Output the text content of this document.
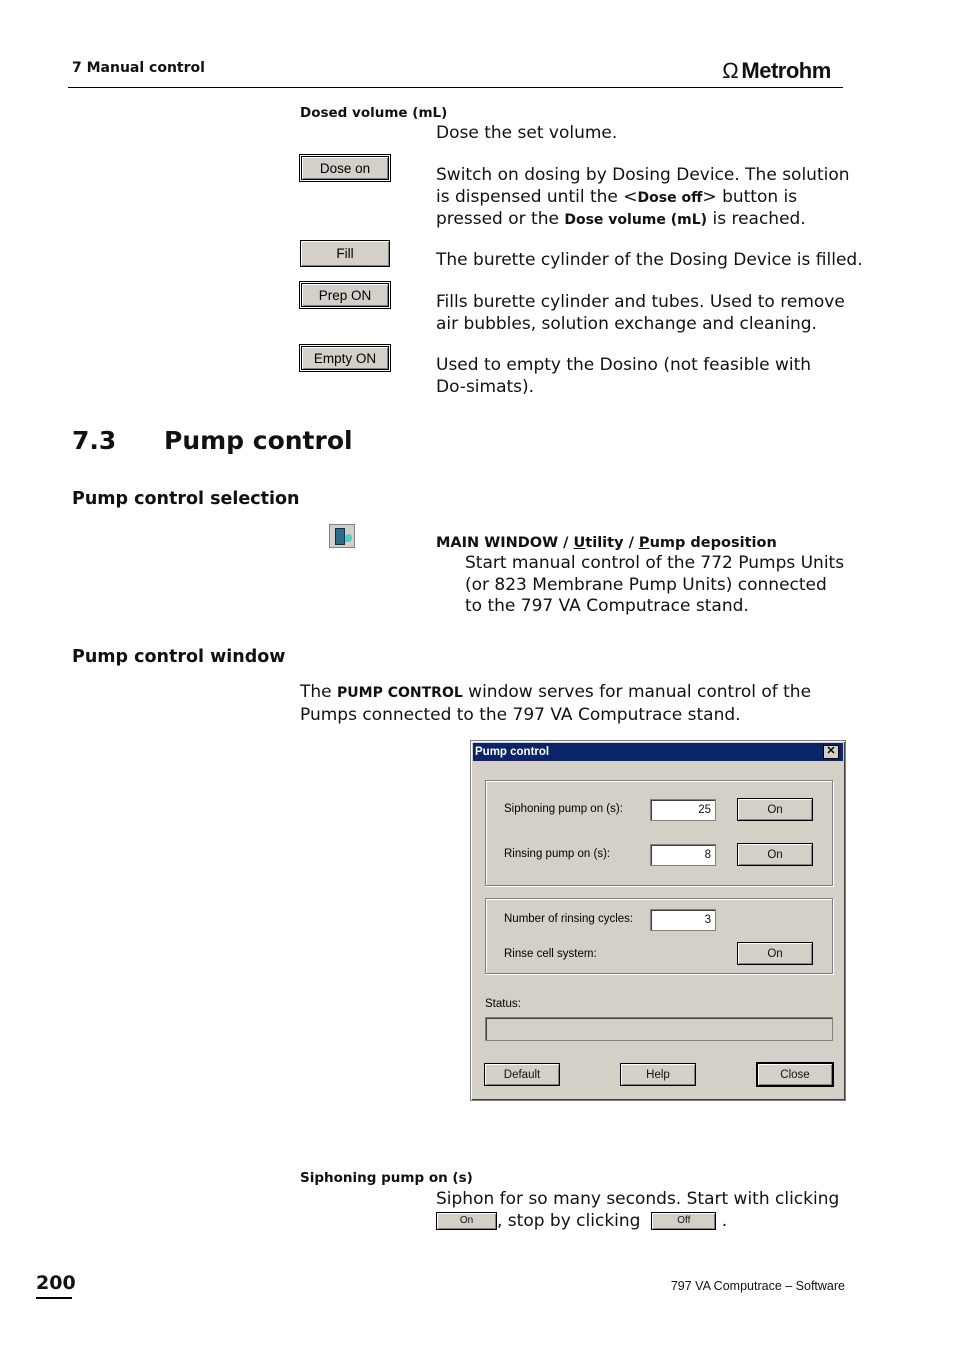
7 Manual control	Ω Metrohm
Dosed volume (mL)
Dose the set volume.
Dose on	Switch on dosing by Dosing Device. The solution is dispensed until the <Dose off> button is pressed or the Dose volume (mL) is reached.
Fill	The burette cylinder of the Dosing Device is filled.
Prep ON	Fills burette cylinder and tubes. Used to remove air bubbles, solution exchange and cleaning.
Empty ON	Used to empty the Dosino (not feasible with Do-simats).
7.3 Pump control
Pump control selection
MAIN WINDOW / Utility / Pump deposition
Start manual control of the 772 Pumps Units (or 823 Membrane Pump Units) connected to the 797 VA Computrace stand.
Pump control window
The PUMP CONTROL window serves for manual control of the Pumps connected to the 797 VA Computrace stand.
Pump control	✕
Siphoning pump on (s):	25	On
Rinsing pump on (s):	8	On
Number of rinsing cycles:	3
Rinse cell system:	On
Status:
Default	Help	Close
Siphoning pump on (s)
Siphon for so many seconds. Start with clicking
On , stop by clicking	Off .
200	797 VA Computrace – Software
